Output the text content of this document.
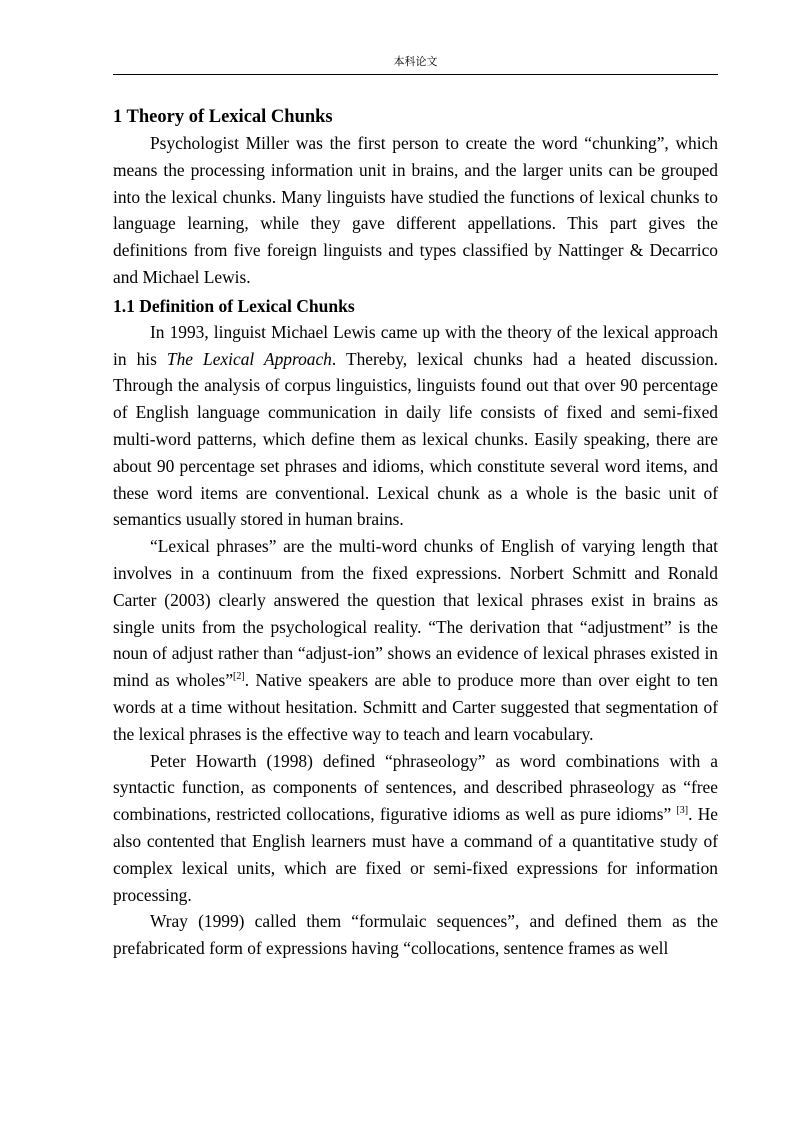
本科论文
1 Theory of Lexical Chunks

Psychologist Miller was the first person to create the word “chunking”, which means the processing information unit in brains, and the larger units can be grouped into the lexical chunks. Many linguists have studied the functions of lexical chunks to language learning, while they gave different appellations. This part gives the definitions from five foreign linguists and types classified by Nattinger & Decarrico and Michael Lewis.

1.1 Definition of Lexical Chunks

In 1993, linguist Michael Lewis came up with the theory of the lexical approach in his The Lexical Approach. Thereby, lexical chunks had a heated discussion. Through the analysis of corpus linguistics, linguists found out that over 90 percentage of English language communication in daily life consists of fixed and semi-fixed multi-word patterns, which define them as lexical chunks. Easily speaking, there are about 90 percentage set phrases and idioms, which constitute several word items, and these word items are conventional. Lexical chunk as a whole is the basic unit of semantics usually stored in human brains.

“Lexical phrases” are the multi-word chunks of English of varying length that involves in a continuum from the fixed expressions. Norbert Schmitt and Ronald Carter (2003) clearly answered the question that lexical phrases exist in brains as single units from the psychological reality. “The derivation that “adjustment” is the noun of adjust rather than “adjust-ion” shows an evidence of lexical phrases existed in mind as wholes”[2]. Native speakers are able to produce more than over eight to ten words at a time without hesitation. Schmitt and Carter suggested that segmentation of the lexical phrases is the effective way to teach and learn vocabulary.

Peter Howarth (1998) defined “phraseology” as word combinations with a syntactic function, as components of sentences, and described phraseology as “free combinations, restricted collocations, figurative idioms as well as pure idioms” [3]. He also contented that English learners must have a command of a quantitative study of complex lexical units, which are fixed or semi-fixed expressions for information processing.

Wray (1999) called them “formulaic sequences”, and defined them as the prefabricated form of expressions having “collocations, sentence frames as well
